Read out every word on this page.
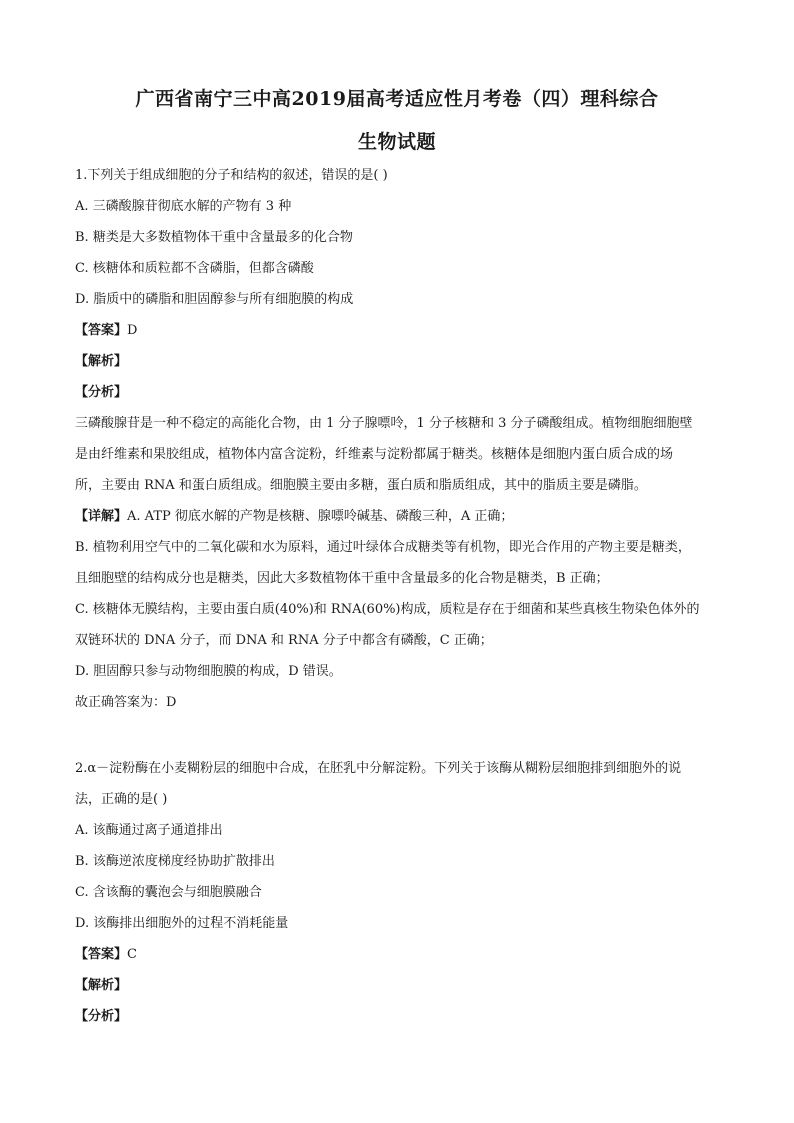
广西省南宁三中高2019届高考适应性月考卷（四）理科综合
生物试题
1.下列关于组成细胞的分子和结构的叙述，错误的是( )
A. 三磷酸腺苷彻底水解的产物有 3 种
B. 糖类是大多数植物体干重中含量最多的化合物
C. 核糖体和质粒都不含磷脂，但都含磷酸
D. 脂质中的磷脂和胆固醇参与所有细胞膜的构成
【答案】D
【解析】
【分析】
三磷酸腺苷是一种不稳定的高能化合物，由 1 分子腺嘌呤，1 分子核糖和 3 分子磷酸组成。植物细胞细胞壁
是由纤维素和果胶组成，植物体内富含淀粉，纤维素与淀粉都属于糖类。核糖体是细胞内蛋白质合成的场
所，主要由 RNA 和蛋白质组成。细胞膜主要由多糖，蛋白质和脂质组成，其中的脂质主要是磷脂。
【详解】A. ATP 彻底水解的产物是核糖、腺嘌呤碱基、磷酸三种，A 正确；
B. 植物利用空气中的二氧化碳和水为原料，通过叶绿体合成糖类等有机物，即光合作用的产物主要是糖类，
且细胞壁的结构成分也是糖类，因此大多数植物体干重中含量最多的化合物是糖类，B 正确；
C. 核糖体无膜结构，主要由蛋白质(40%)和 RNA(60%)构成，质粒是存在于细菌和某些真核生物染色体外的
双链环状的 DNA 分子，而 DNA 和 RNA 分子中都含有磷酸，C 正确；
D. 胆固醇只参与动物细胞膜的构成，D 错误。
故正确答案为：D
2.α－淀粉酶在小麦糊粉层的细胞中合成，在胚乳中分解淀粉。下列关于该酶从糊粉层细胞排到细胞外的说
法，正确的是( )
A. 该酶通过离子通道排出
B. 该酶逆浓度梯度经协助扩散排出
C. 含该酶的囊泡会与细胞膜融合
D. 该酶排出细胞外的过程不消耗能量
【答案】C
【解析】
【分析】
